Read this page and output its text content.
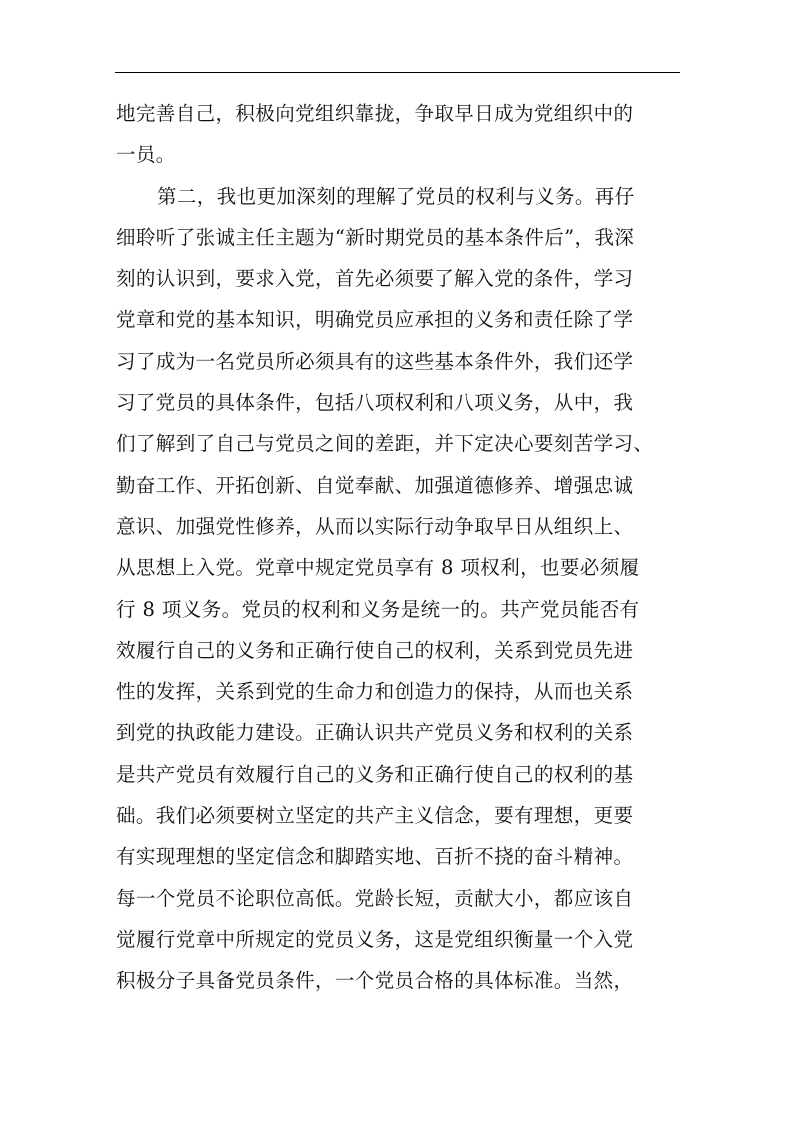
地完善自己，积极向党组织靠拢，争取早日成为党组织中的
一员。
第二，我也更加深刻的理解了党员的权利与义务。再仔
细聆听了张诚主任主题为“新时期党员的基本条件后”，我深
刻的认识到，要求入党，首先必须要了解入党的条件，学习
党章和党的基本知识，明确党员应承担的义务和责任除了学
习了成为一名党员所必须具有的这些基本条件外，我们还学
习了党员的具体条件，包括八项权利和八项义务，从中，我
们了解到了自己与党员之间的差距，并下定决心要刻苦学习、
勤奋工作、开拓创新、自觉奉献、加强道德修养、增强忠诚
意识、加强党性修养，从而以实际行动争取早日从组织上、
从思想上入党。党章中规定党员享有 8 项权利，也要必须履
行 8 项义务。党员的权利和义务是统一的。共产党员能否有
效履行自己的义务和正确行使自己的权利，关系到党员先进
性的发挥，关系到党的生命力和创造力的保持，从而也关系
到党的执政能力建设。正确认识共产党员义务和权利的关系
是共产党员有效履行自己的义务和正确行使自己的权利的基
础。我们必须要树立坚定的共产主义信念，要有理想，更要
有实现理想的坚定信念和脚踏实地、百折不挠的奋斗精神。
每一个党员不论职位高低。党龄长短，贡献大小，都应该自
觉履行党章中所规定的党员义务，这是党组织衡量一个入党
积极分子具备党员条件，一个党员合格的具体标准。当然，
